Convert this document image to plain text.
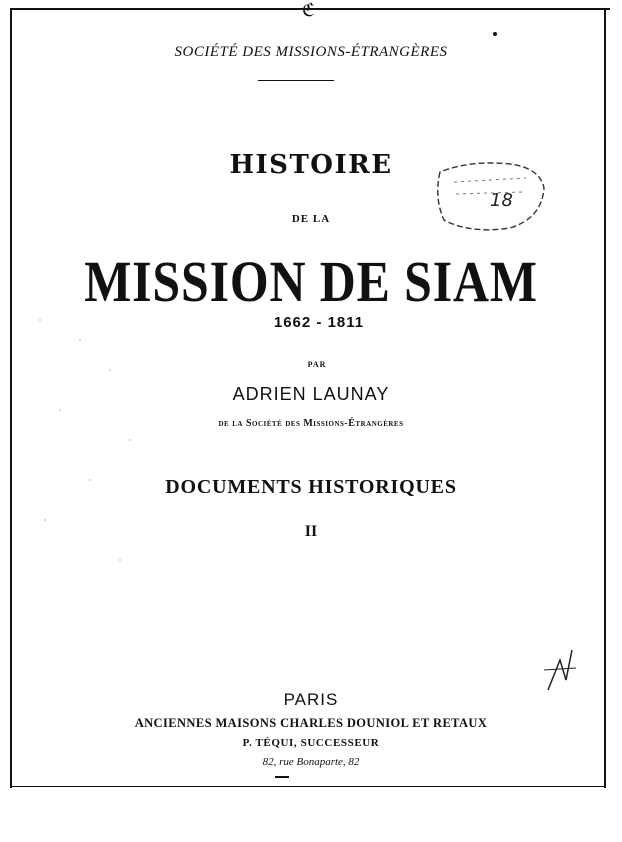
ℭ
SOCIÉTÉ DES MISSIONS-ÉTRANGÈRES
HISTOIRE
DE LA
MISSION DE SIAM
1662 - 1811
PAR
ADRIEN LAUNAY
de la Société des Missions-Étrangères
DOCUMENTS HISTORIQUES
II
18
PARIS
ANCIENNES MAISONS CHARLES DOUNIOL ET RETAUX
P. TÉQUI, SUCCESSEUR
82, rue Bonaparte, 82
